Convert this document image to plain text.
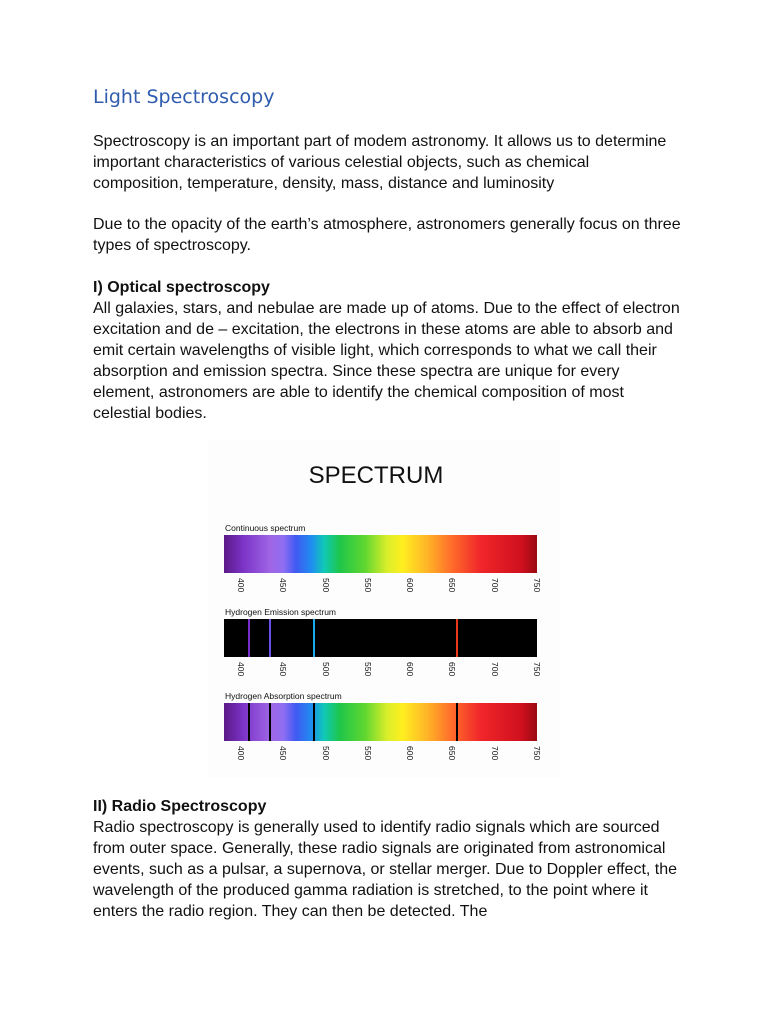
Light Spectroscopy

Spectroscopy is an important part of modem astronomy. It allows us to determine important characteristics of various celestial objects, such as chemical composition, temperature, density, mass, distance and luminosity

Due to the opacity of the earth’s atmosphere, astronomers generally focus on three types of spectroscopy.

I) Optical spectroscopy

All galaxies, stars, and nebulae are made up of atoms. Due to the effect of electron excitation and de – excitation, the electrons in these atoms are able to absorb and emit certain wavelengths of visible light, which corresponds to what we call their absorption and emission spectra. Since these spectra are unique for every element, astronomers are able to identify the chemical composition of most celestial bodies.

SPECTRUM
Continuous spectrum
400	450	500	550	600	650	700	750
Hydrogen Emission spectrum
400	450	500	550	600	650	700	750
Hydrogen Absorption spectrum
400	450	500	550	600	650	700	750

II) Radio Spectroscopy

Radio spectroscopy is generally used to identify radio signals which are sourced from outer space. Generally, these radio signals are originated from astronomical events, such as a pulsar, a supernova, or stellar merger. Due to Doppler effect, the wavelength of the produced gamma radiation is stretched, to the point where it enters the radio region. They can then be detected. The
